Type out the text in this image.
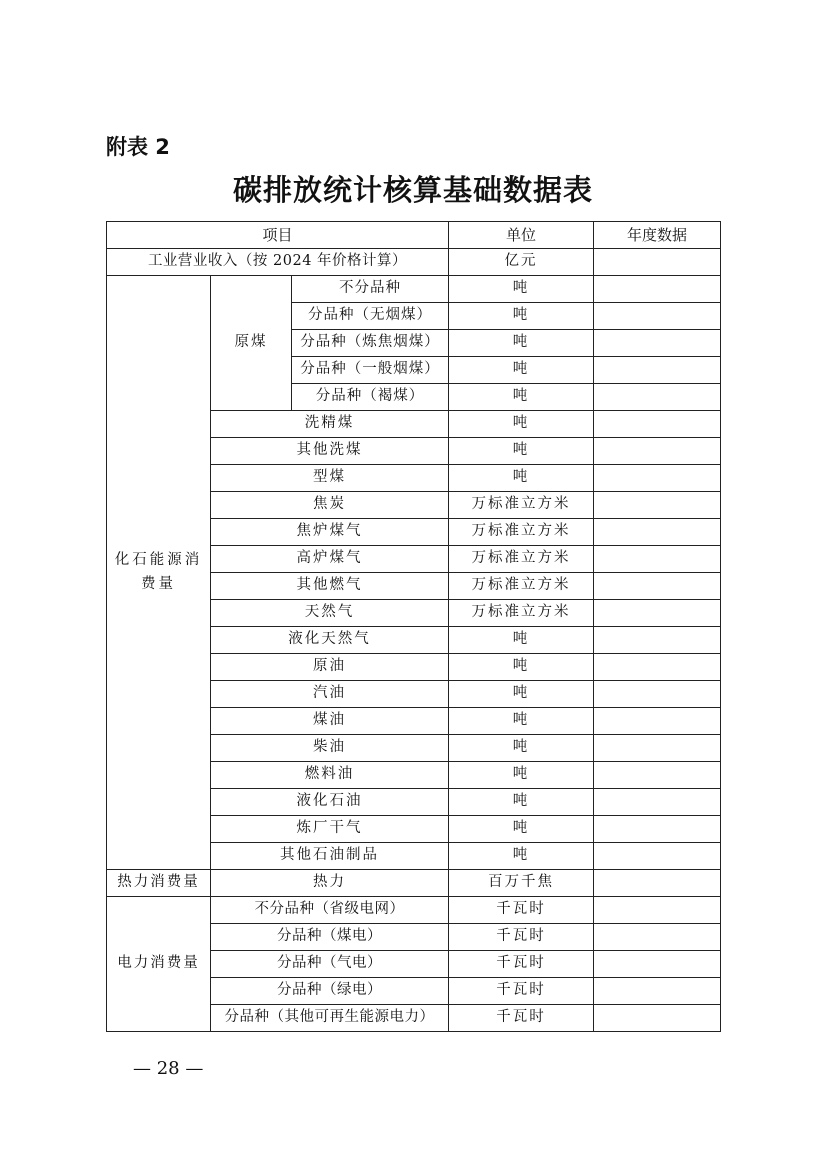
附表 2
碳排放统计核算基础数据表
项目			单位	年度数据
工业营业收入（按 2024 年价格计算）			亿元	
化石能源消费量	原煤	不分品种	吨	
		分品种（无烟煤）	吨	
		分品种（炼焦烟煤）	吨	
		分品种（一般烟煤）	吨	
		分品种（褐煤）	吨	
	洗精煤		吨	
	其他洗煤		吨	
	型煤		吨	
	焦炭		万标准立方米	
	焦炉煤气		万标准立方米	
	高炉煤气		万标准立方米	
	其他燃气		万标准立方米	
	天然气		万标准立方米	
	液化天然气		吨	
	原油		吨	
	汽油		吨	
	煤油		吨	
	柴油		吨	
	燃料油		吨	
	液化石油		吨	
	炼厂干气		吨	
	其他石油制品		吨	
热力消费量	热力		百万千焦	
电力消费量	不分品种（省级电网）		千瓦时	
	分品种（煤电）		千瓦时	
	分品种（气电）		千瓦时	
	分品种（绿电）		千瓦时	
	分品种（其他可再生能源电力）		千瓦时	
— 28 —
